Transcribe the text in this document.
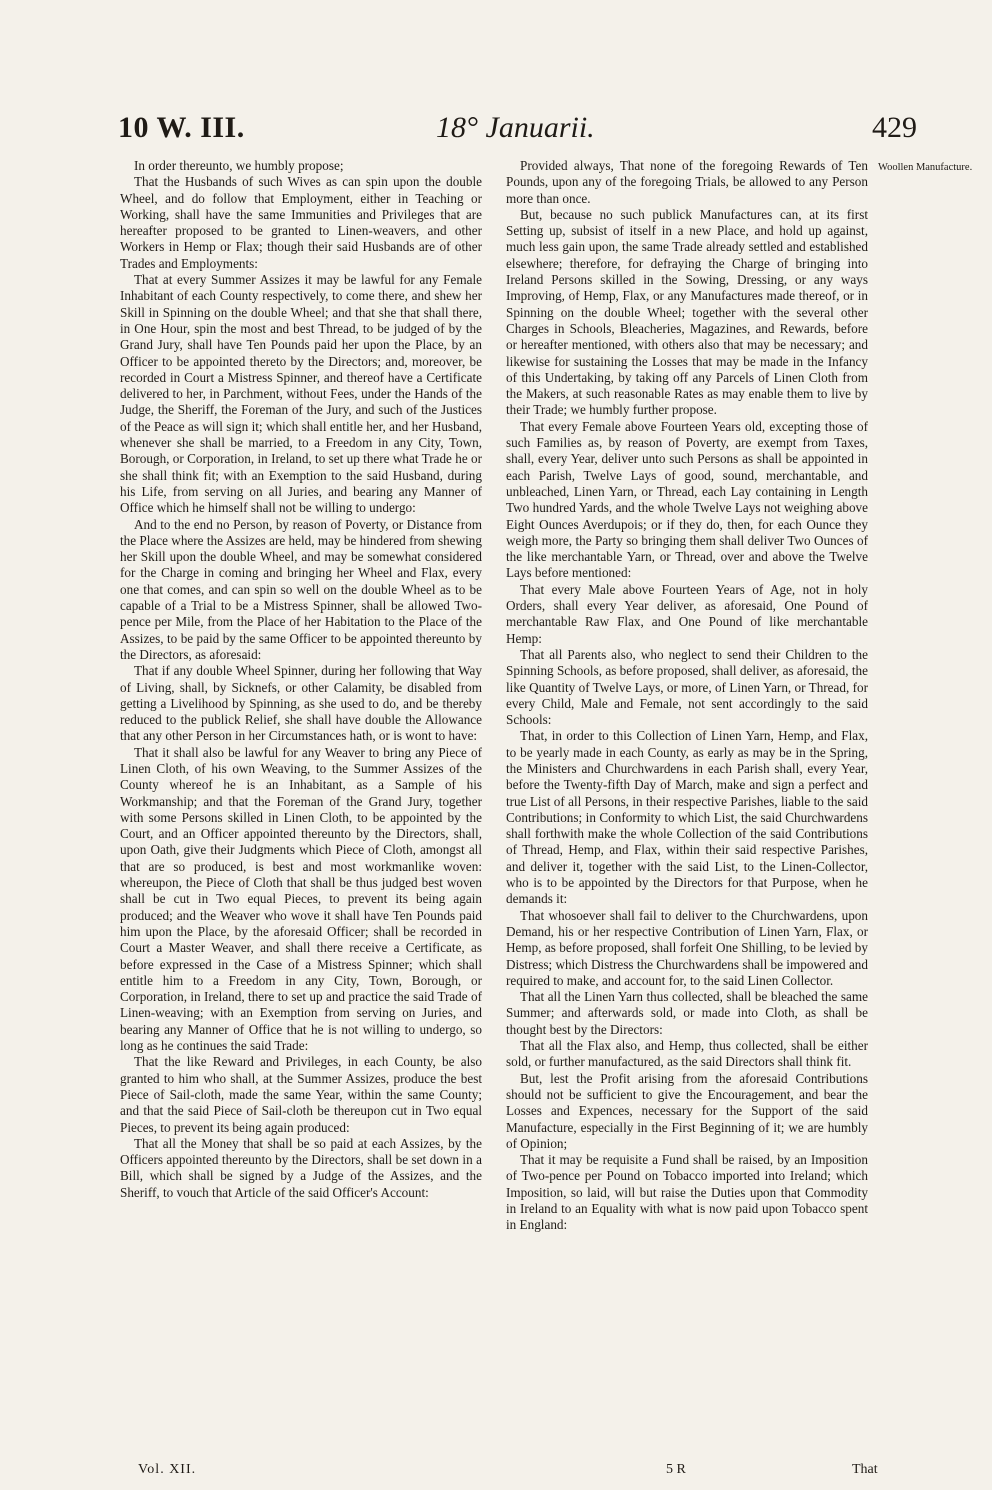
10 W. III.	18° Januarii.	429

In order thereunto, we humbly propose;

That the Husbands of such Wives as can spin upon the double Wheel, and do follow that Employment, either in Teaching or Working, shall have the same Immunities and Privileges that are hereafter proposed to be granted to Linen-weavers, and other Workers in Hemp or Flax; though their said Husbands are of other Trades and Employments:

That at every Summer Assizes it may be lawful for any Female Inhabitant of each County respectively, to come there, and shew her Skill in Spinning on the double Wheel; and that she that shall there, in One Hour, spin the most and best Thread, to be judged of by the Grand Jury, shall have Ten Pounds paid her upon the Place, by an Officer to be appointed thereto by the Directors; and, moreover, be recorded in Court a Mistress Spinner, and thereof have a Certificate delivered to her, in Parchment, without Fees, under the Hands of the Judge, the Sheriff, the Foreman of the Jury, and such of the Justices of the Peace as will sign it; which shall entitle her, and her Husband, whenever she shall be married, to a Freedom in any City, Town, Borough, or Corporation, in Ireland, to set up there what Trade he or she shall think fit; with an Exemption to the said Husband, during his Life, from serving on all Juries, and bearing any Manner of Office which he himself shall not be willing to undergo:

And to the end no Person, by reason of Poverty, or Distance from the Place where the Assizes are held, may be hindered from shewing her Skill upon the double Wheel, and may be somewhat considered for the Charge in coming and bringing her Wheel and Flax, every one that comes, and can spin so well on the double Wheel as to be capable of a Trial to be a Mistress Spinner, shall be allowed Two-pence per Mile, from the Place of her Habitation to the Place of the Assizes, to be paid by the same Officer to be appointed thereunto by the Directors, as aforesaid:

That if any double Wheel Spinner, during her following that Way of Living, shall, by Sicknefs, or other Calamity, be disabled from getting a Livelihood by Spinning, as she used to do, and be thereby reduced to the publick Relief, she shall have double the Allowance that any other Person in her Circumstances hath, or is wont to have:

That it shall also be lawful for any Weaver to bring any Piece of Linen Cloth, of his own Weaving, to the Summer Assizes of the County whereof he is an Inhabitant, as a Sample of his Workmanship; and that the Foreman of the Grand Jury, together with some Persons skilled in Linen Cloth, to be appointed by the Court, and an Officer appointed thereunto by the Directors, shall, upon Oath, give their Judgments which Piece of Cloth, amongst all that are so produced, is best and most workmanlike woven: whereupon, the Piece of Cloth that shall be thus judged best woven shall be cut in Two equal Pieces, to prevent its being again produced; and the Weaver who wove it shall have Ten Pounds paid him upon the Place, by the aforesaid Officer; shall be recorded in Court a Master Weaver, and shall there receive a Certificate, as before expressed in the Case of a Mistress Spinner; which shall entitle him to a Freedom in any City, Town, Borough, or Corporation, in Ireland, there to set up and practice the said Trade of Linen-weaving; with an Exemption from serving on Juries, and bearing any Manner of Office that he is not willing to undergo, so long as he continues the said Trade:

That the like Reward and Privileges, in each County, be also granted to him who shall, at the Summer Assizes, produce the best Piece of Sail-cloth, made the same Year, within the same County; and that the said Piece of Sail-cloth be thereupon cut in Two equal Pieces, to prevent its being again produced:

That all the Money that shall be so paid at each Assizes, by the Officers appointed thereunto by the Directors, shall be set down in a Bill, which shall be signed by a Judge of the Assizes, and the Sheriff, to vouch that Article of the said Officer's Account:

Provided always, That none of the foregoing Rewards of Ten Pounds, upon any of the foregoing Trials, be allowed to any Person more than once.

But, because no such publick Manufactures can, at its first Setting up, subsist of itself in a new Place, and hold up against, much less gain upon, the same Trade already settled and established elsewhere; therefore, for defraying the Charge of bringing into Ireland Persons skilled in the Sowing, Dressing, or any ways Improving, of Hemp, Flax, or any Manufactures made thereof, or in Spinning on the double Wheel; together with the several other Charges in Schools, Bleacheries, Magazines, and Rewards, before or hereafter mentioned, with others also that may be necessary; and likewise for sustaining the Losses that may be made in the Infancy of this Undertaking, by taking off any Parcels of Linen Cloth from the Makers, at such reasonable Rates as may enable them to live by their Trade; we humbly further propose.

That every Female above Fourteen Years old, excepting those of such Families as, by reason of Poverty, are exempt from Taxes, shall, every Year, deliver unto such Persons as shall be appointed in each Parish, Twelve Lays of good, sound, merchantable, and unbleached, Linen Yarn, or Thread, each Lay containing in Length Two hundred Yards, and the whole Twelve Lays not weighing above Eight Ounces Averdupois; or if they do, then, for each Ounce they weigh more, the Party so bringing them shall deliver Two Ounces of the like merchantable Yarn, or Thread, over and above the Twelve Lays before mentioned:

That every Male above Fourteen Years of Age, not in holy Orders, shall every Year deliver, as aforesaid, One Pound of merchantable Raw Flax, and One Pound of like merchantable Hemp:

That all Parents also, who neglect to send their Children to the Spinning Schools, as before proposed, shall deliver, as aforesaid, the like Quantity of Twelve Lays, or more, of Linen Yarn, or Thread, for every Child, Male and Female, not sent accordingly to the said Schools:

That, in order to this Collection of Linen Yarn, Hemp, and Flax, to be yearly made in each County, as early as may be in the Spring, the Ministers and Churchwardens in each Parish shall, every Year, before the Twenty-fifth Day of March, make and sign a perfect and true List of all Persons, in their respective Parishes, liable to the said Contributions; in Conformity to which List, the said Churchwardens shall forthwith make the whole Collection of the said Contributions of Thread, Hemp, and Flax, within their said respective Parishes, and deliver it, together with the said List, to the Linen-Collector, who is to be appointed by the Directors for that Purpose, when he demands it:

That whosoever shall fail to deliver to the Churchwardens, upon Demand, his or her respective Contribution of Linen Yarn, Flax, or Hemp, as before proposed, shall forfeit One Shilling, to be levied by Distress; which Distress the Churchwardens shall be impowered and required to make, and account for, to the said Linen Collector.

That all the Linen Yarn thus collected, shall be bleached the same Summer; and afterwards sold, or made into Cloth, as shall be thought best by the Directors:

That all the Flax also, and Hemp, thus collected, shall be either sold, or further manufactured, as the said Directors shall think fit.

But, lest the Profit arising from the aforesaid Contributions should not be sufficient to give the Encouragement, and bear the Losses and Expences, necessary for the Support of the said Manufacture, especially in the First Beginning of it; we are humbly of Opinion;

That it may be requisite a Fund shall be raised, by an Imposition of Two-pence per Pound on Tobacco imported into Ireland; which Imposition, so laid, will but raise the Duties upon that Commodity in Ireland to an Equality with what is now paid upon Tobacco spent in England:

Woollen Manufacture.
Vol. XII.	5 R	That
